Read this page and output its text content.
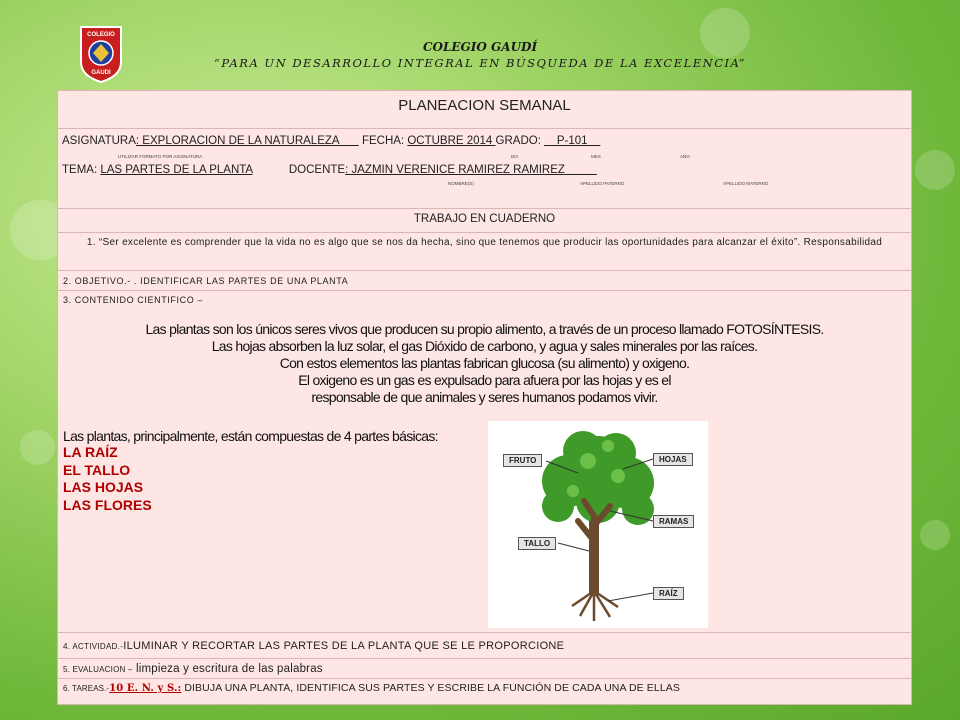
COLEGIO
GAUDI
COLEGIO GAUDÍ
“PARA UN DESARROLLO INTEGRAL EN BÚSQUEDA DE LA EXCELENCIA”
PLANEACION SEMANAL
ASIGNATURA: EXPLORACION DE LA NATURALEZA FECHA: OCTUBRE 2014 GRADO: P-101
UTILIZAR FORMATO POR ASIGNATURA	DÍA	MES	AÑO
TEMA: LAS PARTES DE LA PLANTA	DOCENTE: JAZMIN VERENICE RAMIREZ RAMIREZ
NOMBRE(S)	APELLIDO PATERNO	APELLIDO MATERNO
TRABAJO EN CUADERNO
1. “Ser excelente es comprender que la vida no es algo que se nos da hecha, sino que tenemos que producir las oportunidades para alcanzar el éxito”. Responsabilidad
2. OBJETIVO.- . IDENTIFICAR LAS PARTES DE UNA PLANTA
3. CONTENIDO CIENTIFICO –
Las plantas son los únicos seres vivos que producen su propio alimento, a través de un proceso llamado FOTOSÍNTESIS.
Las hojas absorben la luz solar, el gas Dióxido de carbono, y agua y sales minerales por las raíces.
Con estos elementos las plantas fabrican glucosa (su alimento) y oxigeno.
El oxigeno es un gas es expulsado para afuera por las hojas y es el
responsable de que animales y seres humanos podamos vivir.
Las plantas, principalmente, están compuestas de 4 partes básicas:
LA RAÍZ
EL TALLO
LAS HOJAS
LAS FLORES
FRUTO	HOJAS
RAMAS
TALLO
RAÍZ
4. ACTIVIDAD.-ILUMINAR Y RECORTAR LAS PARTES DE LA PLANTA QUE SE LE PROPORCIONE
5. EVALUACION – limpieza y escritura de las palabras
6. TAREAS.-10 E. N. y S.: DIBUJA UNA PLANTA, IDENTIFICA SUS PARTES Y ESCRIBE LA FUNCIÓN DE CADA UNA DE ELLAS
